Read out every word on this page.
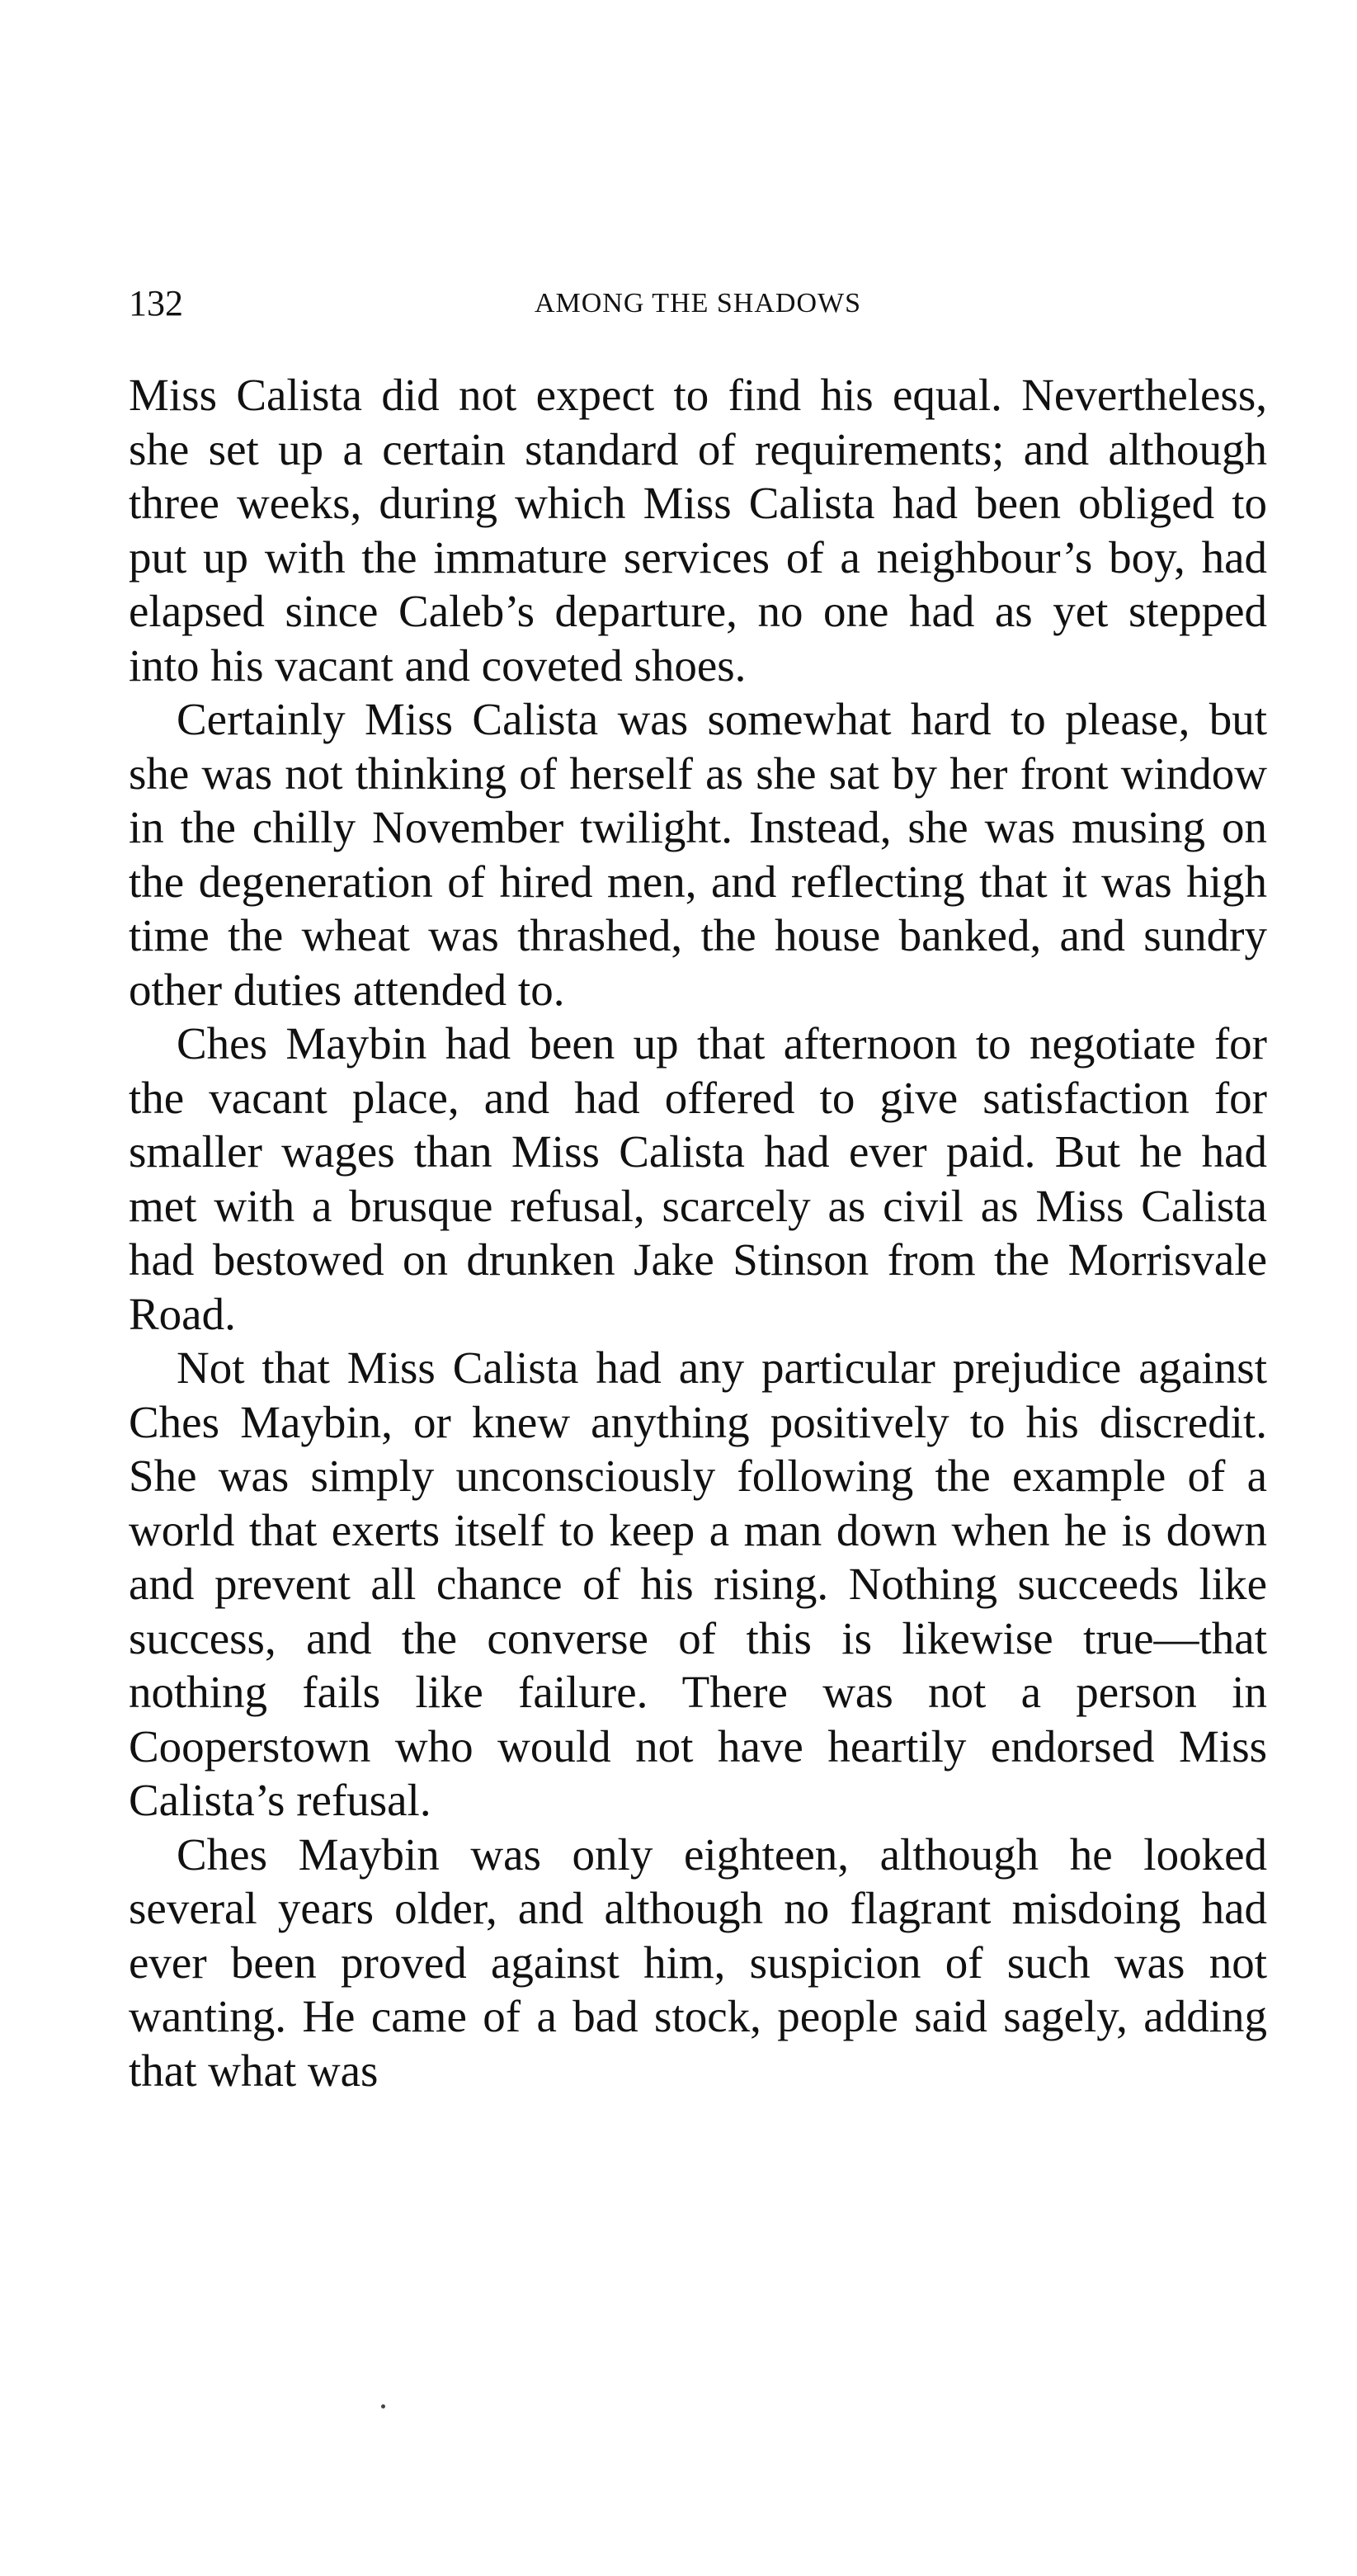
132	AMONG THE SHADOWS

Miss Calista did not expect to find his equal. Nevertheless, she set up a certain standard of requirements; and although three weeks, during which Miss Calista had been obliged to put up with the immature services of a neighbour’s boy, had elapsed since Caleb’s departure, no one had as yet stepped into his vacant and coveted shoes.

Certainly Miss Calista was somewhat hard to please, but she was not thinking of herself as she sat by her front window in the chilly November twilight. Instead, she was musing on the degeneration of hired men, and reflecting that it was high time the wheat was thrashed, the house banked, and sundry other duties attended to.

Ches Maybin had been up that afternoon to negotiate for the vacant place, and had offered to give satisfaction for smaller wages than Miss Calista had ever paid. But he had met with a brusque refusal, scarcely as civil as Miss Calista had bestowed on drunken Jake Stinson from the Morrisvale Road.

Not that Miss Calista had any particular prejudice against Ches Maybin, or knew anything positively to his discredit. She was simply unconsciously following the example of a world that exerts itself to keep a man down when he is down and prevent all chance of his rising. Nothing succeeds like success, and the converse of this is likewise true—that nothing fails like failure. There was not a person in Cooperstown who would not have heartily endorsed Miss Calista’s refusal.

Ches Maybin was only eighteen, although he looked several years older, and although no flagrant misdoing had ever been proved against him, suspicion of such was not wanting. He came of a bad stock, people said sagely, adding that what was
